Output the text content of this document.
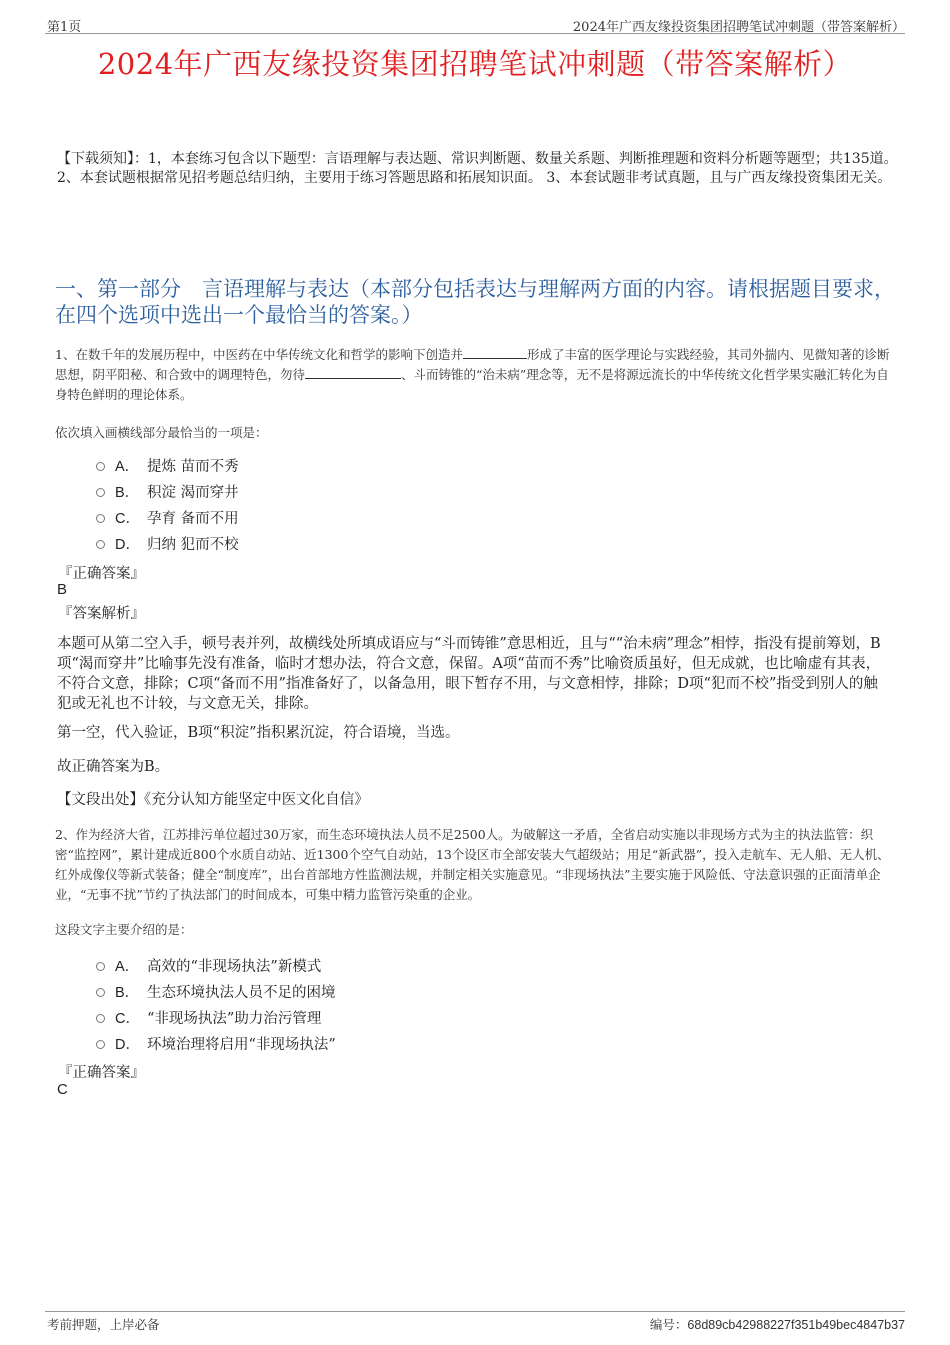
第1页	2024年广西友缘投资集团招聘笔试冲刺题（带答案解析）
2024年广西友缘投资集团招聘笔试冲刺题（带答案解析）
【下载须知】：1，本套练习包含以下题型：言语理解与表达题、常识判断题、数量关系题、判断推理题和资料分析题等题型；共135道。 2、本套试题根据常见招考题总结归纳，主要用于练习答题思路和拓展知识面。 3、本套试题非考试真题，且与广西友缘投资集团无关。
一、第一部分　言语理解与表达（本部分包括表达与理解两方面的内容。请根据题目要求，在四个选项中选出一个最恰当的答案。）
1、在数千年的发展历程中，中医药在中华传统文化和哲学的影响下创造并	形成了丰富的医学理论与实践经验，其司外揣内、见微知著的诊断思想，阴平阳秘、和合致中的调理特色，勿待	、斗而铸锥的“治未病”理念等，无不是将源远流长的中华传统文化哲学果实融汇转化为自身特色鲜明的理论体系。
依次填入画横线部分最恰当的一项是：
A． 提炼 苗而不秀
B． 积淀 渴而穿井
C． 孕育 备而不用
D． 归纳 犯而不校
『正确答案』
B
『答案解析』
本题可从第二空入手，顿号表并列，故横线处所填成语应与“斗而铸锥”意思相近，且与““治未病”理念”相悖，指没有提前筹划，B项“渴而穿井”比喻事先没有准备，临时才想办法，符合文意，保留。A项“苗而不秀”比喻资质虽好，但无成就，也比喻虚有其表，不符合文意，排除；C项“备而不用”指准备好了，以备急用，眼下暂存不用，与文意相悖，排除；D项“犯而不校”指受到别人的触犯或无礼也不计较，与文意无关，排除。
第一空，代入验证，B项“积淀”指积累沉淀，符合语境，当选。
故正确答案为B。
【文段出处】《充分认知方能坚定中医文化自信》
2、作为经济大省，江苏排污单位超过30万家，而生态环境执法人员不足2500人。为破解这一矛盾，全省启动实施以非现场方式为主的执法监管：织密“监控网”，累计建成近800个水质自动站、近1300个空气自动站，13个设区市全部安装大气超级站；用足“新武器”，投入走航车、无人船、无人机、红外成像仪等新式装备；健全“制度库”，出台首部地方性监测法规，并制定相关实施意见。“非现场执法”主要实施于风险低、守法意识强的正面清单企业，“无事不扰”节约了执法部门的时间成本，可集中精力监管污染重的企业。
这段文字主要介绍的是：
A． 高效的“非现场执法”新模式
B． 生态环境执法人员不足的困境
C． “非现场执法”助力治污管理
D． 环境治理将启用“非现场执法”
『正确答案』
C
考前押题，上岸必备	编号：68d89cb42988227f351b49bec4847b37
